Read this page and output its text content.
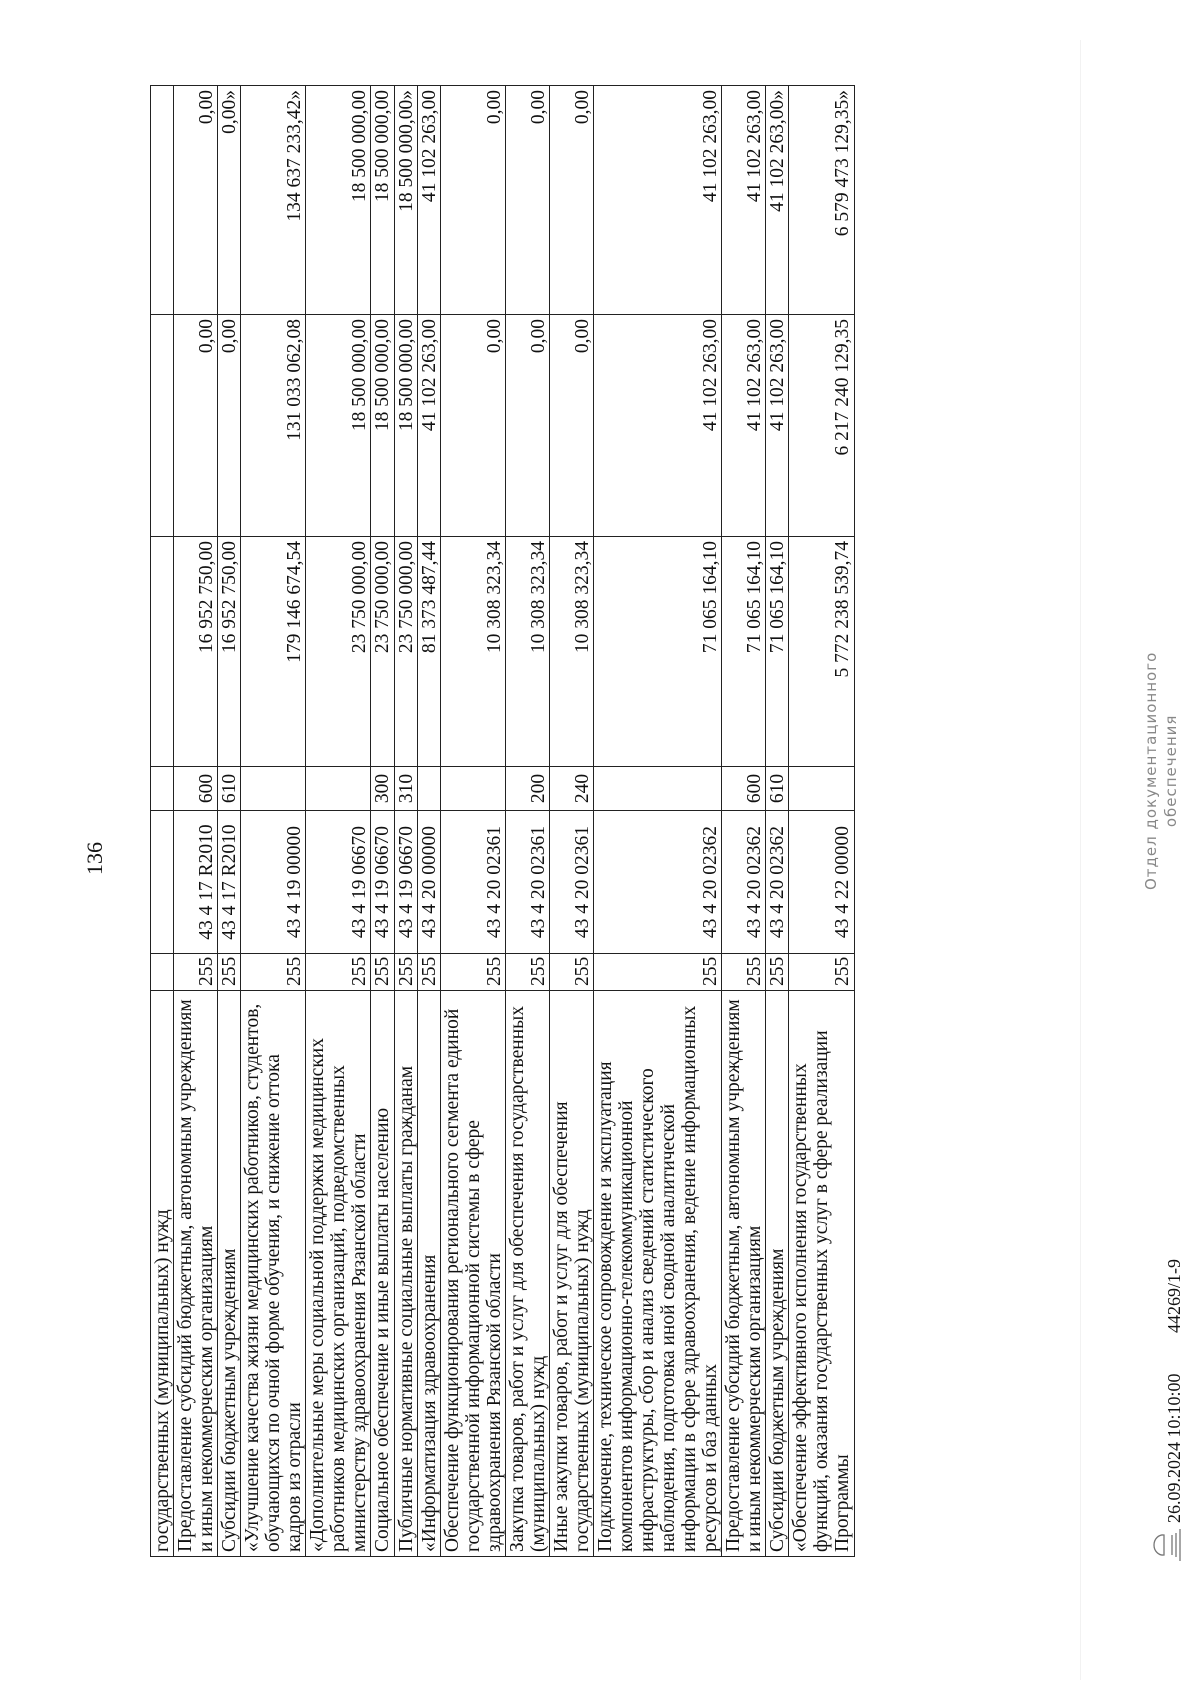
136
государственных (муниципальных) нужд						
Предоставление субсидий бюджетным, автономным учреждениям и иным некоммерческим организациям	255	43 4 17 R2010	600	16 952 750,00	0,00	0,00
Субсидии бюджетным учреждениям	255	43 4 17 R2010	610	16 952 750,00	0,00	0,00»
«Улучшение качества жизни медицинских работников, студентов, обучающихся по очной форме обучения, и снижение оттока кадров из отрасли	255	43 4 19 00000		179 146 674,54	131 033 062,08	134 637 233,42»
«Дополнительные меры социальной поддержки медицинских работников медицинских организаций, подведомственных министерству здравоохранения Рязанской области	255	43 4 19 06670		23 750 000,00	18 500 000,00	18 500 000,00
Социальное обеспечение и иные выплаты населению	255	43 4 19 06670	300	23 750 000,00	18 500 000,00	18 500 000,00
Публичные нормативные социальные выплаты гражданам	255	43 4 19 06670	310	23 750 000,00	18 500 000,00	18 500 000,00»
«Информатизация здравоохранения	255	43 4 20 00000		81 373 487,44	41 102 263,00	41 102 263,00
Обеспечение функционирования регионального сегмента единой государственной информационной системы в сфере здравоохранения Рязанской области	255	43 4 20 02361		10 308 323,34	0,00	0,00
Закупка товаров, работ и услуг для обеспечения государственных (муниципальных) нужд	255	43 4 20 02361	200	10 308 323,34	0,00	0,00
Иные закупки товаров, работ и услуг для обеспечения государственных (муниципальных) нужд	255	43 4 20 02361	240	10 308 323,34	0,00	0,00
Подключение, техническое сопровождение и эксплуатация компонентов информационно-телекоммуникационной инфраструктуры, сбор и анализ сведений статистического наблюдения, подготовка иной сводной аналитической информации в сфере здравоохранения, ведение информационных ресурсов и баз данных	255	43 4 20 02362		71 065 164,10	41 102 263,00	41 102 263,00
Предоставление субсидий бюджетным, автономным учреждениям и иным некоммерческим организациям	255	43 4 20 02362	600	71 065 164,10	41 102 263,00	41 102 263,00
Субсидии бюджетным учреждениям	255	43 4 20 02362	610	71 065 164,10	41 102 263,00	41 102 263,00»
«Обеспечение эффективного исполнения государственных функций, оказания государственных услуг в сфере реализации Программы	255	43 4 22 00000		5 772 238 539,74	6 217 240 129,35	6 579 473 129,35»
26.09.2024 10:10:00
44269/1-9
Отдел документационного обеспечения
